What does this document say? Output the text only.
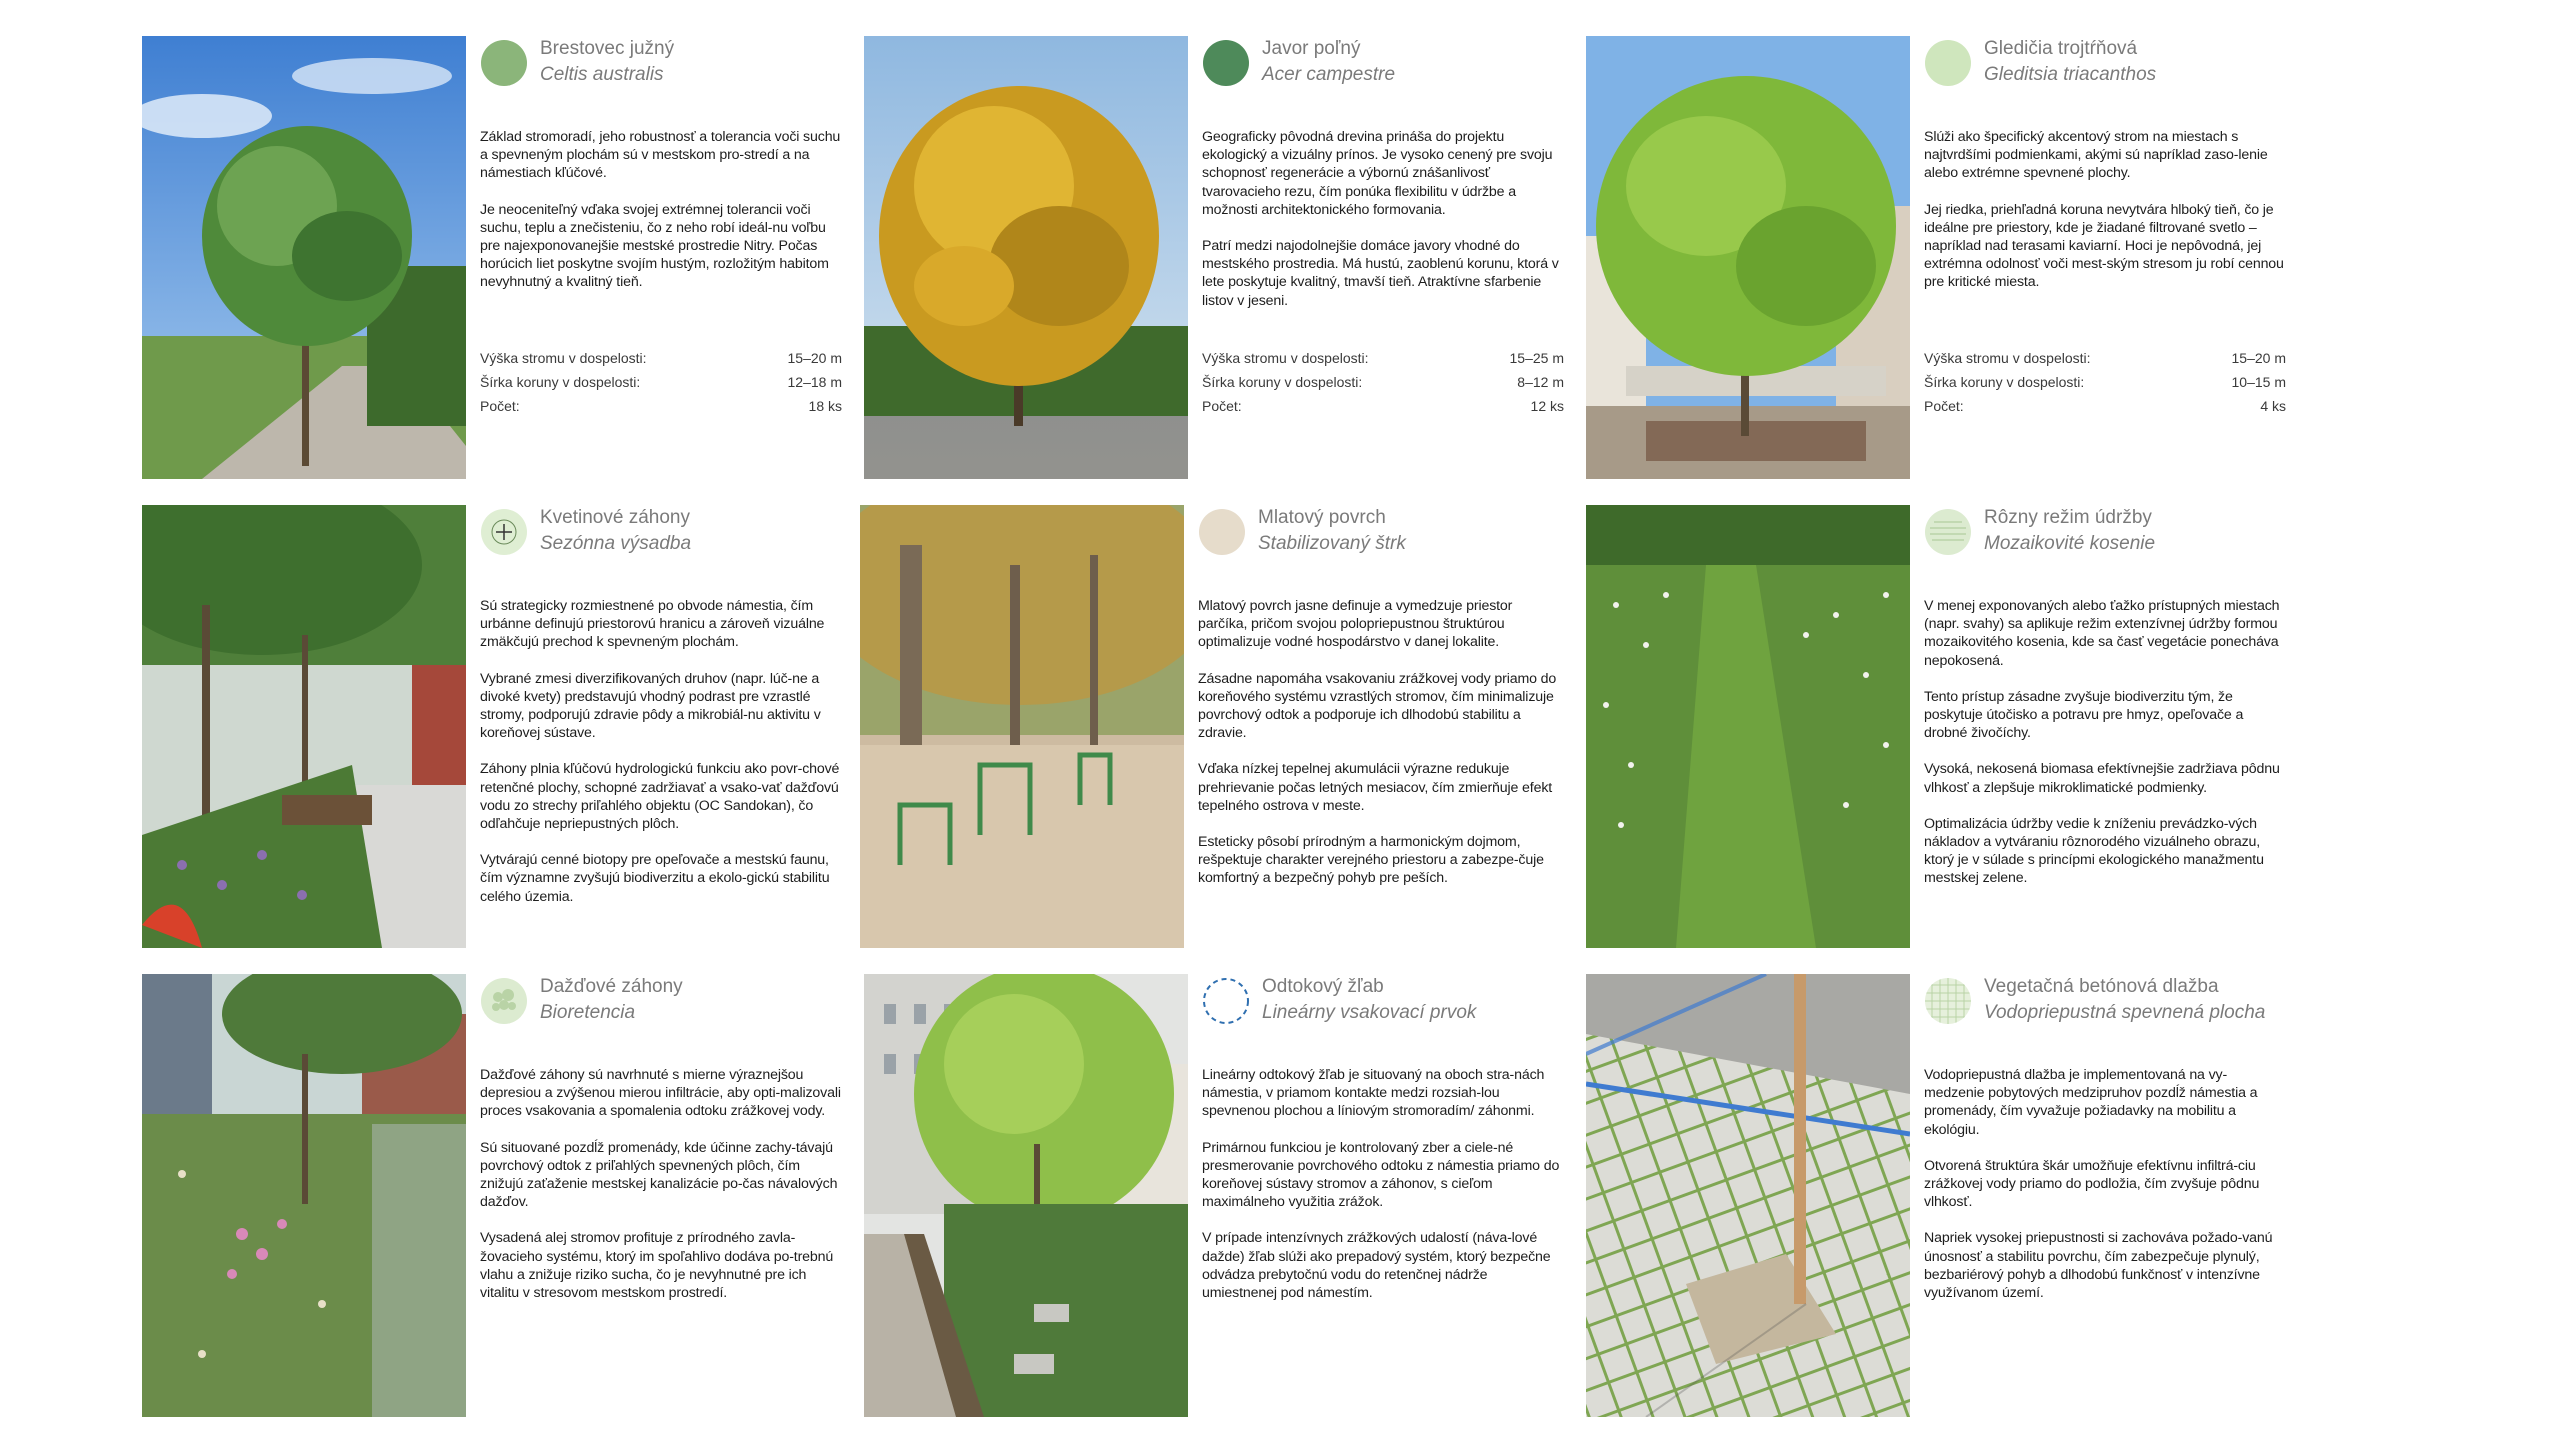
Brestovec južný
Celtis australis

Základ stromoradí, jeho robustnosť a tolerancia voči suchu a spevneným plochám sú v mestskom pro-stredí a na námestiach kľúčové.

Je neoceniteľný vďaka svojej extrémnej tolerancii voči suchu, teplu a znečisteniu, čo z neho robí ideál-nu voľbu pre najexponovanejšie mestské prostredie Nitry. Počas horúcich liet poskytne svojím hustým, rozložitým habitom nevyhnutný a kvalitný tieň.

Výška stromu v dospelosti:	15–20 m
Šírka koruny v dospelosti:	12–18 m
Počet:	18 ks
Javor poľný
Acer campestre

Geograficky pôvodná drevina prináša do projektu ekologický a vizuálny prínos. Je vysoko cenený pre svoju schopnosť regenerácie a výbornú znášanlivosť tvarovacieho rezu, čím ponúka flexibilitu v údržbe a možnosti architektonického formovania.

Patrí medzi najodolnejšie domáce javory vhodné do mestského prostredia. Má hustú, zaoblenú korunu, ktorá v lete poskytuje kvalitný, tmavší tieň. Atraktívne sfarbenie listov v jeseni.

Výška stromu v dospelosti:	15–25 m
Šírka koruny v dospelosti:	8–12 m
Počet:	12 ks
Gledičia trojtŕňová
Gleditsia triacanthos

Slúži ako špecifický akcentový strom na miestach s najtvrdšími podmienkami, akými sú napríklad zaso-lenie alebo extrémne spevnené plochy.

Jej riedka, priehľadná koruna nevytvára hlboký tieň, čo je ideálne pre priestory, kde je žiadané filtrované svetlo – napríklad nad terasami kaviarní. Hoci je nepôvodná, jej extrémna odolnosť voči mest-ským stresom ju robí cennou pre kritické miesta.

Výška stromu v dospelosti:	15–20 m
Šírka koruny v dospelosti:	10–15 m
Počet:	4 ks
Kvetinové záhony
Sezónna výsadba

Sú strategicky rozmiestnené po obvode námestia, čím urbánne definujú priestorovú hranicu a zároveň vizuálne zmäkčujú prechod k spevneným plochám.

Vybrané zmesi diverzifikovaných druhov (napr. lúč-ne a divoké kvety) predstavujú vhodný podrast pre vzrastlé stromy, podporujú zdravie pôdy a mikrobiál-nu aktivitu v koreňovej sústave.

Záhony plnia kľúčovú hydrologickú funkciu ako povr-chové retenčné plochy, schopné zadržiavať a vsako-vať dažďovú vodu zo strechy priľahlého objektu (OC Sandokan), čo odľahčuje nepriepustných plôch.

Vytvárajú cenné biotopy pre opeľovače a mestskú faunu, čím významne zvyšujú biodiverzitu a ekolo-gickú stabilitu celého územia.

Mlatový povrch
Stabilizovaný štrk

Mlatový povrch jasne definuje a vymedzuje priestor parčíka, pričom svojou polopriepustnou štruktúrou optimalizuje vodné hospodárstvo v danej lokalite.

Zásadne napomáha vsakovaniu zrážkovej vody priamo do koreňového systému vzrastlých stromov, čím minimalizuje povrchový odtok a podporuje ich dlhodobú stabilitu a zdravie.

Vďaka nízkej tepelnej akumulácii výrazne redukuje prehrievanie počas letných mesiacov, čím zmierňuje efekt tepelného ostrova v meste.

Esteticky pôsobí prírodným a harmonickým dojmom, rešpektuje charakter verejného priestoru a zabezpe-čuje komfortný a bezpečný pohyb pre peších.

Rôzny režim údržby
Mozaikovité kosenie

V menej exponovaných alebo ťažko prístupných miestach (napr. svahy) sa aplikuje režim extenzívnej údržby formou mozaikovitého kosenia, kde sa časť vegetácie ponecháva nepokosená.

Tento prístup zásadne zvyšuje biodiverzitu tým, že poskytuje útočisko a potravu pre hmyz, opeľovače a drobné živočíchy.

Vysoká, nekosená biomasa efektívnejšie zadržiava pôdnu vlhkosť a zlepšuje mikroklimatické podmienky.

Optimalizácia údržby vedie k zníženiu prevádzko-vých nákladov a vytváraniu rôznorodého vizuálneho obrazu, ktorý je v súlade s princípmi ekologického manažmentu mestskej zelene.

Dažďové záhony
Bioretencia

Dažďové záhony sú navrhnuté s mierne výraznejšou depresiou a zvýšenou mierou infiltrácie, aby opti-malizovali proces vsakovania a spomalenia odtoku zrážkovej vody.

Sú situované pozdĺž promenády, kde účinne zachy-távajú povrchový odtok z priľahlých spevnených plôch, čím znižujú zaťaženie mestskej kanalizácie po-čas návalových dažďov.

Vysadená alej stromov profituje z prírodného zavla-žovacieho systému, ktorý im spoľahlivo dodáva po-trebnú vlahu a znižuje riziko sucha, čo je nevyhnutné pre ich vitalitu v stresovom mestskom prostredí.

Odtokový žľab
Lineárny vsakovací prvok

Lineárny odtokový žľab je situovaný na oboch stra-nách námestia, v priamom kontakte medzi rozsiah-lou spevnenou plochou a líniovým stromoradím/ záhonmi.

Primárnou funkciou je kontrolovaný zber a ciele-né presmerovanie povrchového odtoku z námestia priamo do koreňovej sústavy stromov a záhonov, s cieľom maximálneho využitia zrážok.

V prípade intenzívnych zrážkových udalostí (náva-lové dažde) žľab slúži ako prepadový systém, ktorý bezpečne odvádza prebytočnú vodu do retenčnej nádrže umiestnenej pod námestím.

Vegetačná betónová dlažba
Vodopriepustná spevnená plocha

Vodopriepustná dlažba je implementovaná na vy-medzenie pobytových medzipruhov pozdĺž námestia a promenády, čím vyvažuje požiadavky na mobilitu a ekológiu.

Otvorená štruktúra škár umožňuje efektívnu infiltrá-ciu zrážkovej vody priamo do podložia, čím zvyšuje pôdnu vlhkosť.

Napriek vysokej priepustnosti si zachováva požado-vanú únosnosť a stabilitu povrchu, čím zabezpečuje plynulý, bezbariérový pohyb a dlhodobú funkčnosť v intenzívne využívanom území.
